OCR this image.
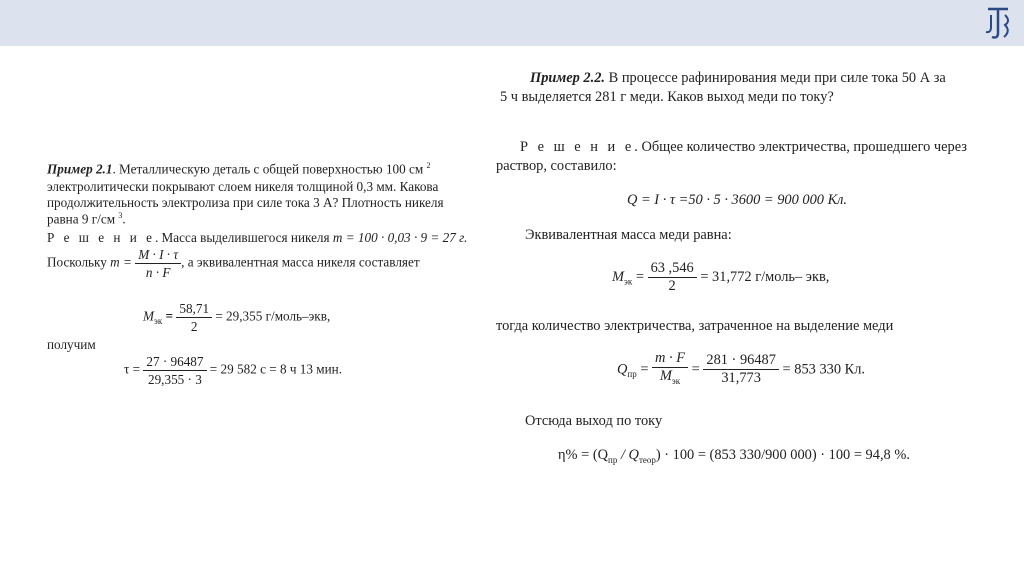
Пример 2.1. Металлическую деталь с общей поверхностью 100 см $^2$
электролитически покрывают слоем никеля толщиной 0,3 мм. Какова
продолжительность электролиза при силе тока 3 А? Плотность никеля
равна 9 г/см $^3$.
Р е ш е н и е. Масса выделившегося никеля m = 100 · 0,03 · 9 = 27 г.
Поскольку $m = \frac{M \cdot I \cdot \tau}{n \cdot F}$ , а эквивалентная масса никеля составляет
$M_{эк} = \frac{58,71}{2} = 29,355$ г/моль–экв,
получим
$\tau = \frac{27 \cdot 96487}{29,355 \cdot 3} = 29$ 582 с = 8 ч 13 мин.
Пример 2.2. В процессе рафинирования меди при силе тока 50 А за
5 ч выделяется 281 г меди. Каков выход меди по току?
Р е ш е н и е. Общее количество электричества, прошедшего через
раствор, составило:
Q = I · τ =50 · 5 · 3600 = 900 000 Кл.
Эквивалентная масса меди равна:
$M_{эк} = \frac{63 ,546}{2} = 31,772$ г/моль– экв,
тогда количество электричества, затраченное на выделение меди
$Q_{пр} = \frac{m \cdot F}{M_{эк}} = \frac{281 \cdot 96487}{31,773} = 853$ 330 Кл.
Отсюда выход по току
$\eta\% = (Q_{пр} / Q_{теор}) \cdot 100 = (853$ 330/900 000) · 100 = 94,8 %.
